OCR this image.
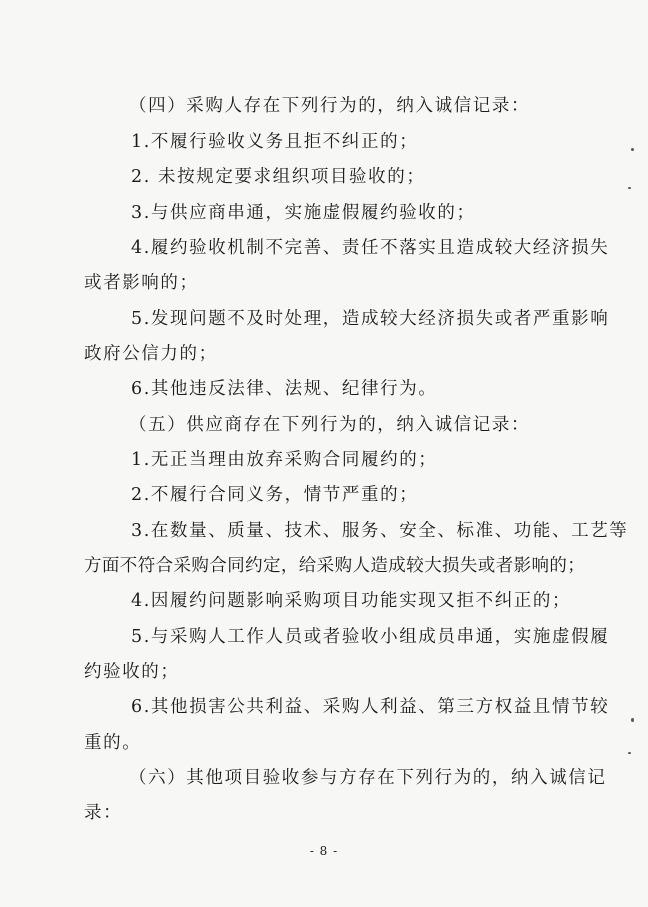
（四）采购人存在下列行为的，纳入诚信记录：
1.不履行验收义务且拒不纠正的；
2. 未按规定要求组织项目验收的；
3.与供应商串通，实施虚假履约验收的；
4.履约验收机制不完善、责任不落实且造成较大经济损失
或者影响的；
5.发现问题不及时处理，造成较大经济损失或者严重影响
政府公信力的；
6.其他违反法律、法规、纪律行为。
（五）供应商存在下列行为的，纳入诚信记录：
1.无正当理由放弃采购合同履约的；
2.不履行合同义务，情节严重的；
3.在数量、质量、技术、服务、安全、标准、功能、工艺等
方面不符合采购合同约定，给采购人造成较大损失或者影响的；
4.因履约问题影响采购项目功能实现又拒不纠正的；
5.与采购人工作人员或者验收小组成员串通，实施虚假履
约验收的；
6.其他损害公共利益、采购人利益、第三方权益且情节较
重的。
（六）其他项目验收参与方存在下列行为的，纳入诚信记
录：
- 8 -
